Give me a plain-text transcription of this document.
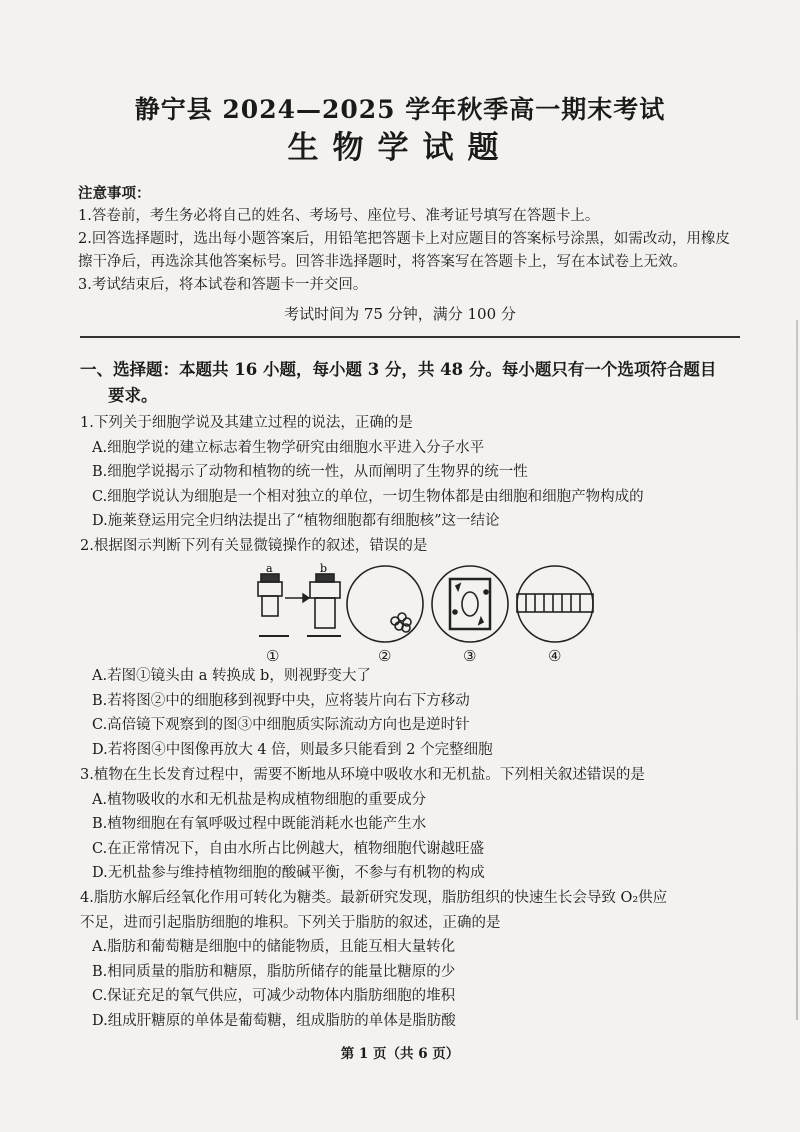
静宁县 2024—2025 学年秋季高一期末考试
生物学试题
注意事项：
1.答卷前，考生务必将自己的姓名、考场号、座位号、准考证号填写在答题卡上。
2.回答选择题时，选出每小题答案后，用铅笔把答题卡上对应题目的答案标号涂黑，如需改动，用橡皮
擦干净后，再选涂其他答案标号。回答非选择题时，将答案写在答题卡上，写在本试卷上无效。
3.考试结束后，将本试卷和答题卡一并交回。
考试时间为 75 分钟，满分 100 分
一、选择题：本题共 16 小题，每小题 3 分，共 48 分。每小题只有一个选项符合题目
要求。
1.下列关于细胞学说及其建立过程的说法，正确的是
A.细胞学说的建立标志着生物学研究由细胞水平进入分子水平
B.细胞学说揭示了动物和植物的统一性，从而阐明了生物界的统一性
C.细胞学说认为细胞是一个相对独立的单位，一切生物体都是由细胞和细胞产物构成的
D.施莱登运用完全归纳法提出了“植物细胞都有细胞核”这一结论
2.根据图示判断下列有关显微镜操作的叙述，错误的是
a	b
①	②	③	④
A.若图①镜头由 a 转换成 b，则视野变大了
B.若将图②中的细胞移到视野中央，应将装片向右下方移动
C.高倍镜下观察到的图③中细胞质实际流动方向也是逆时针
D.若将图④中图像再放大 4 倍，则最多只能看到 2 个完整细胞
3.植物在生长发育过程中，需要不断地从环境中吸收水和无机盐。下列相关叙述错误的是
A.植物吸收的水和无机盐是构成植物细胞的重要成分
B.植物细胞在有氧呼吸过程中既能消耗水也能产生水
C.在正常情况下，自由水所占比例越大，植物细胞代谢越旺盛
D.无机盐参与维持植物细胞的酸碱平衡，不参与有机物的构成
4.脂肪水解后经氧化作用可转化为糖类。最新研究发现，脂肪组织的快速生长会导致 O₂供应
不足，进而引起脂肪细胞的堆积。下列关于脂肪的叙述，正确的是
A.脂肪和葡萄糖是细胞中的储能物质，且能互相大量转化
B.相同质量的脂肪和糖原，脂肪所储存的能量比糖原的少
C.保证充足的氧气供应，可减少动物体内脂肪细胞的堆积
D.组成肝糖原的单体是葡萄糖，组成脂肪的单体是脂肪酸
第 1 页（共 6 页）
